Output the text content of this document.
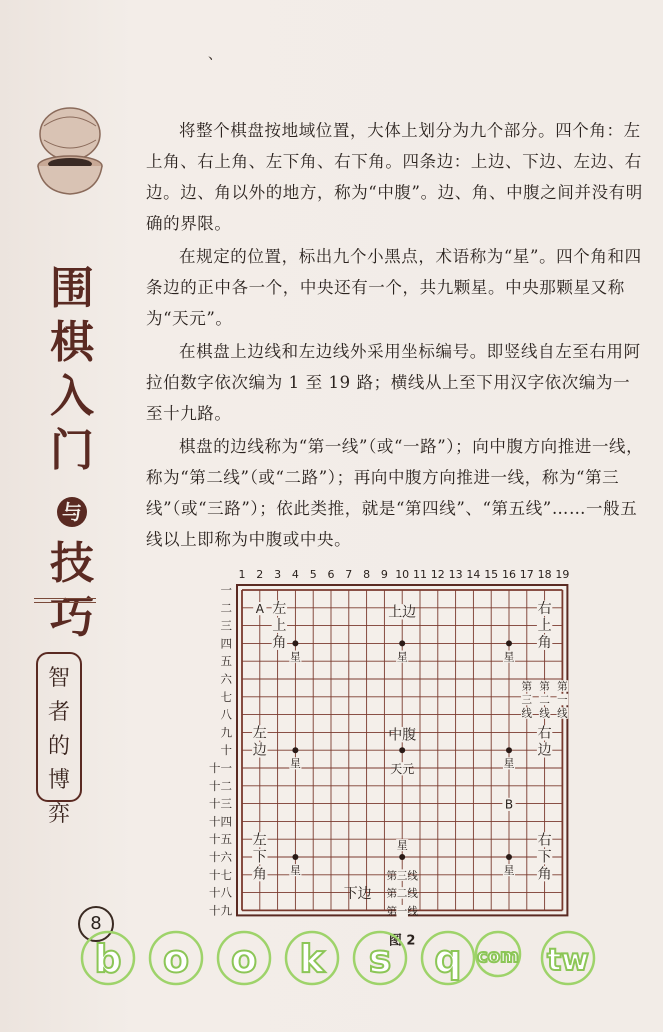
、
围棋入门
与
技巧
智者的博弈

将整个棋盘按地域位置，大体上划分为九个部分。四个角：左上角、右上角、左下角、右下角。四条边：上边、下边、左边、右边。边、角以外的地方，称为“中腹”。边、角、中腹之间并没有明确的界限。

在规定的位置，标出九个小黑点，术语称为“星”。四个角和四条边的正中各一个，中央还有一个，共九颗星。中央那颗星又称为“天元”。

在棋盘上边线和左边线外采用坐标编号。即竖线自左至右用阿拉伯数字依次编为 1 至 19 路；横线从上至下用汉字依次编为一至十九路。

棋盘的边线称为“第一线”（或“一路”）；向中腹方向推进一线，称为“第二线”（或“二路”）；再向中腹方向推进一线，称为“第三线”（或“三路”）；依此类推，就是“第四线”、“第五线”……一般五线以上即称为中腹或中央。

1 2 3 4 5 6 7 8 9 10 11 12 13 14 15 16 17 18 19
一
二
三
四
五
六
七
八
九
十
十一
十二
十三
十四
十五
十六
十七
十八
十九
星	星
星	星
星	星
星
星
左
上
角
上边	右
上
角
左
边
中腹	右
边
左
下
角
下边
右
下
角
天元
A
B
第三线
第二线
第一线
第
三
线
第
二
线
第
一
线
图 2
8
b o o k s q com tw
